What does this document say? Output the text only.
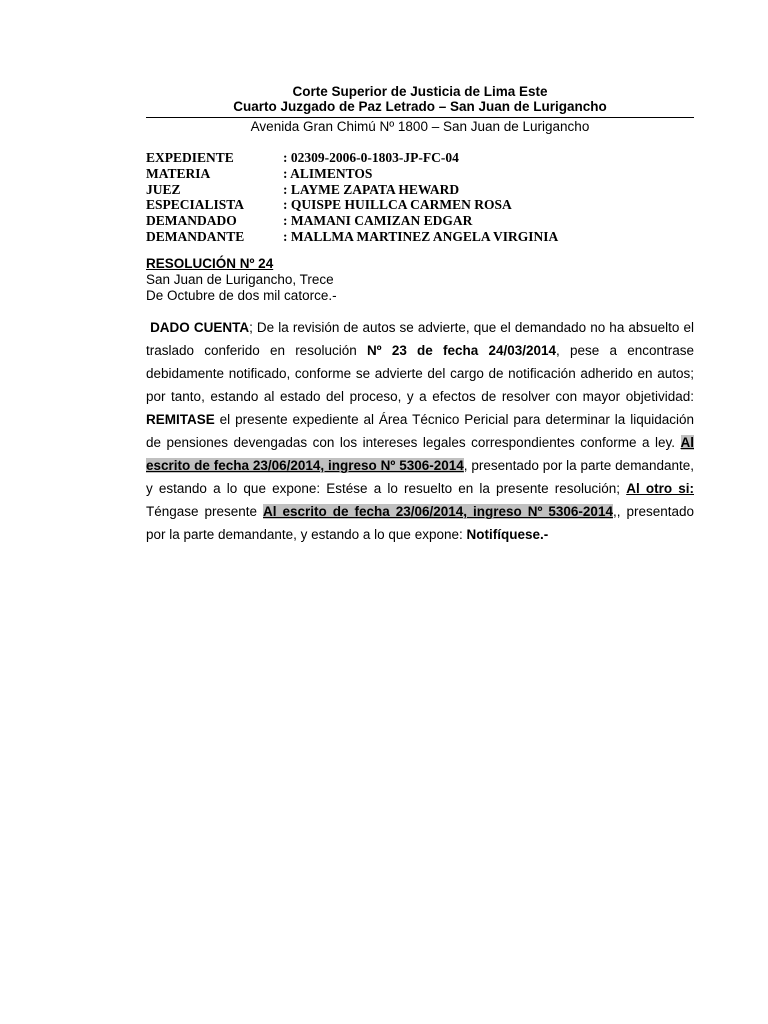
Corte Superior de Justicia de Lima Este
Cuarto Juzgado de Paz Letrado – San Juan de Lurigancho
Avenida Gran Chimú Nº 1800 – San Juan de Lurigancho
EXPEDIENTE	: 02309-2006-0-1803-JP-FC-04
MATERIA	: ALIMENTOS
JUEZ	: LAYME ZAPATA HEWARD
ESPECIALISTA	: QUISPE HUILLCA CARMEN ROSA
DEMANDADO	: MAMANI CAMIZAN EDGAR
DEMANDANTE	: MALLMA MARTINEZ ANGELA VIRGINIA
RESOLUCIÓN Nº 24
San Juan de Lurigancho, Trece
De Octubre de dos mil catorce.-
DADO CUENTA; De la revisión de autos se advierte, que el demandado no ha absuelto el traslado conferido en resolución Nº 23 de fecha 24/03/2014, pese a encontrase debidamente notificado, conforme se advierte del cargo de notificación adherido en autos; por tanto, estando al estado del proceso, y a efectos de resolver con mayor objetividad: REMITASE el presente expediente al Área Técnico Pericial para determinar la liquidación de pensiones devengadas con los intereses legales correspondientes conforme a ley. Al escrito de fecha 23/06/2014, ingreso Nº 5306-2014, presentado por la parte demandante, y estando a lo que expone: Estése a lo resuelto en la presente resolución; Al otro si: Téngase presente Al escrito de fecha 23/06/2014, ingreso Nº 5306-2014,, presentado por la parte demandante, y estando a lo que expone: Notifíquese.-
